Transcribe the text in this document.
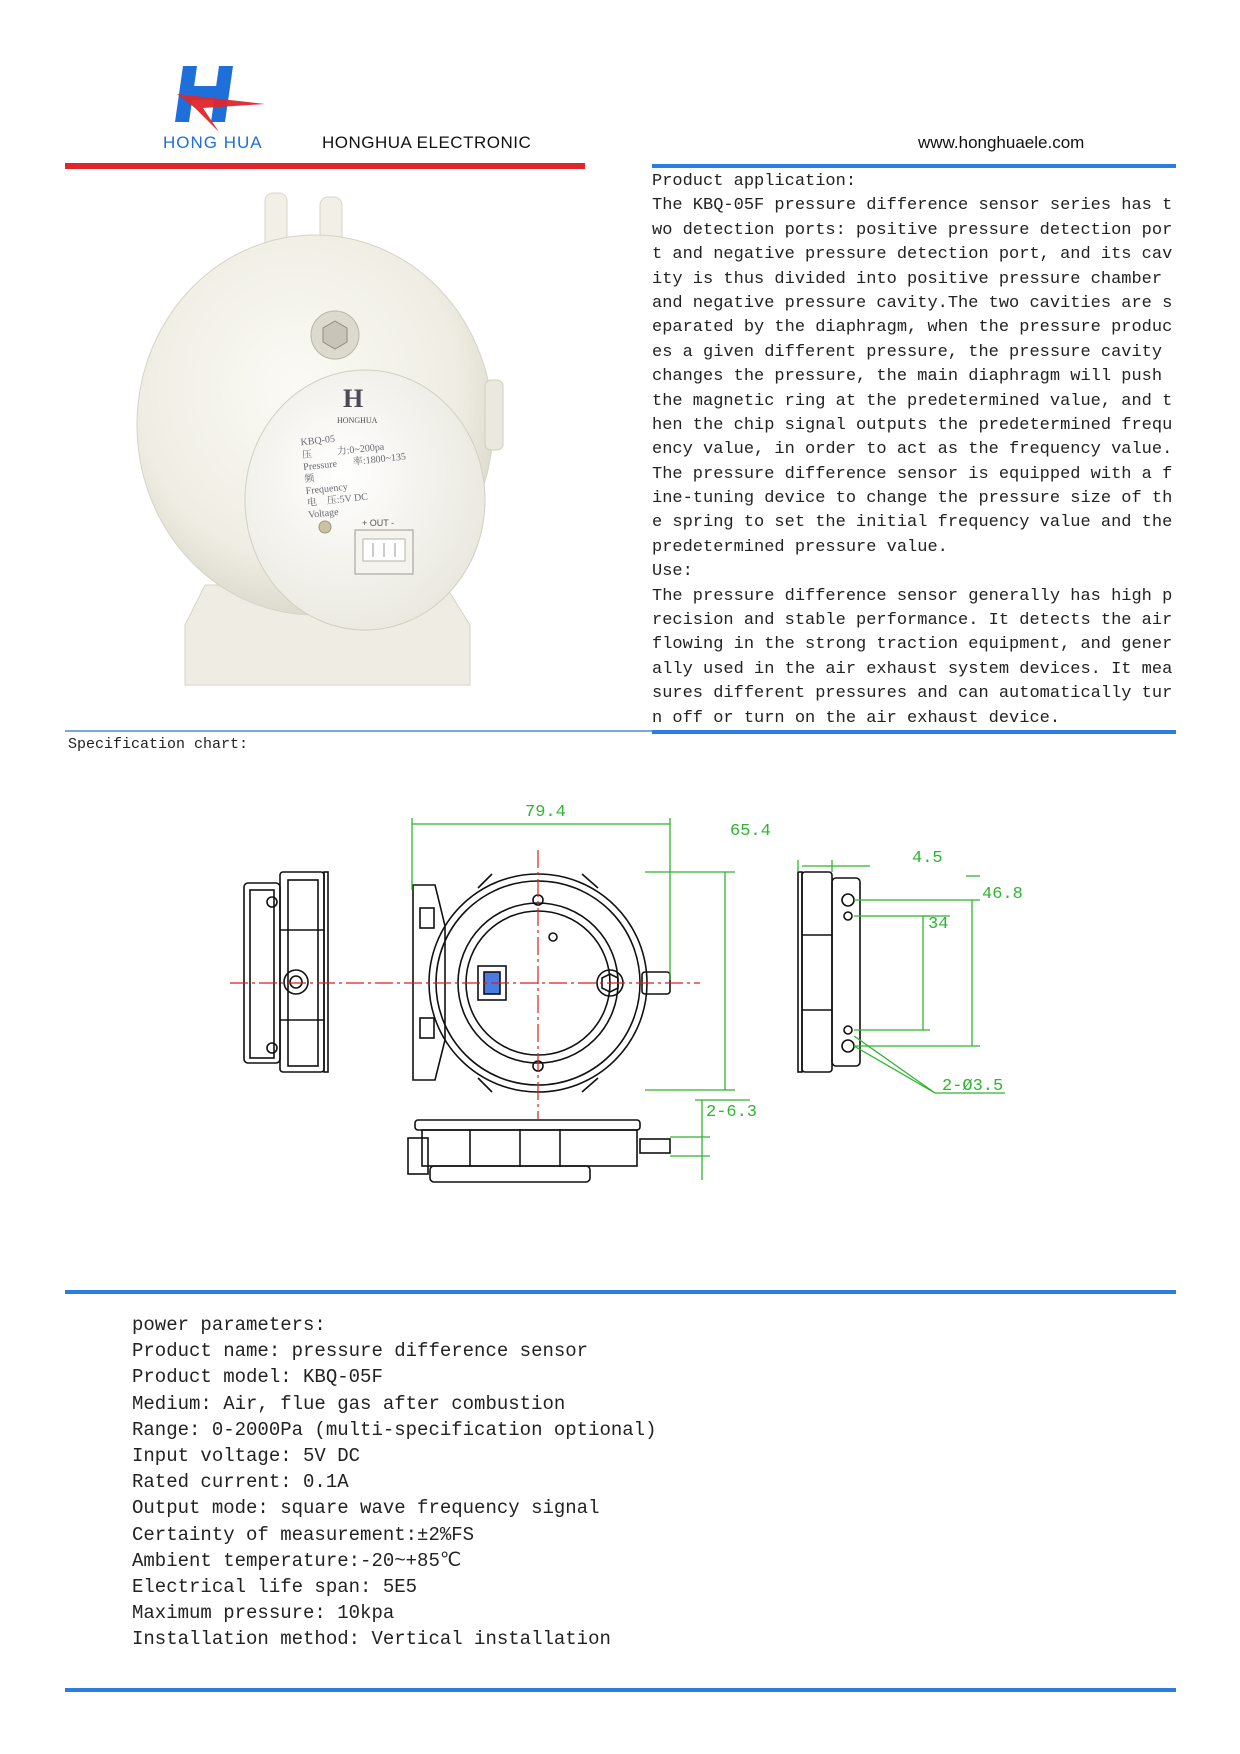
HONG HUA	HONGHUA ELECTRONIC	www.honghuaele.com
H
HONGHUA
KBQ-05
压 力:0~200pa
Pressure 率:1800~135
频
Frequency
电 压:5V DC
Voltage
+ OUT -
Product application:
The KBQ-05F pressure difference sensor series has t
wo detection ports: positive pressure detection por
t and negative pressure detection port, and its cav
ity is thus divided into positive pressure chamber
and negative pressure cavity.The two cavities are s
eparated by the diaphragm, when the pressure produc
es a given different pressure, the pressure cavity
changes the pressure, the main diaphragm will push
the magnetic ring at the predetermined value, and t
hen the chip signal outputs the predetermined frequ
ency value, in order to act as the frequency value.
The pressure difference sensor is equipped with a f
ine-tuning device to change the pressure size of th
e spring to set the initial frequency value and the
predetermined pressure value.
Use:
The pressure difference sensor generally has high p
recision and stable performance. It detects the air
flowing in the strong traction equipment, and gener
ally used in the air exhaust system devices. It mea
sures different pressures and can automatically tur
n off or turn on the air exhaust device.
Specification chart:
79.4
65.4
4.5
46.8
34
2-Ø3.5
2-6.3
power parameters:
Product name: pressure difference sensor
Product model: KBQ-05F
Medium: Air, flue gas after combustion
Range: 0-2000Pa (multi-specification optional)
Input voltage: 5V DC
Rated current: 0.1A
Output mode: square wave frequency signal
Certainty of measurement:±2%FS
Ambient temperature:-20~+85℃
Electrical life span: 5E5
Maximum pressure: 10kpa
Installation method: Vertical installation
